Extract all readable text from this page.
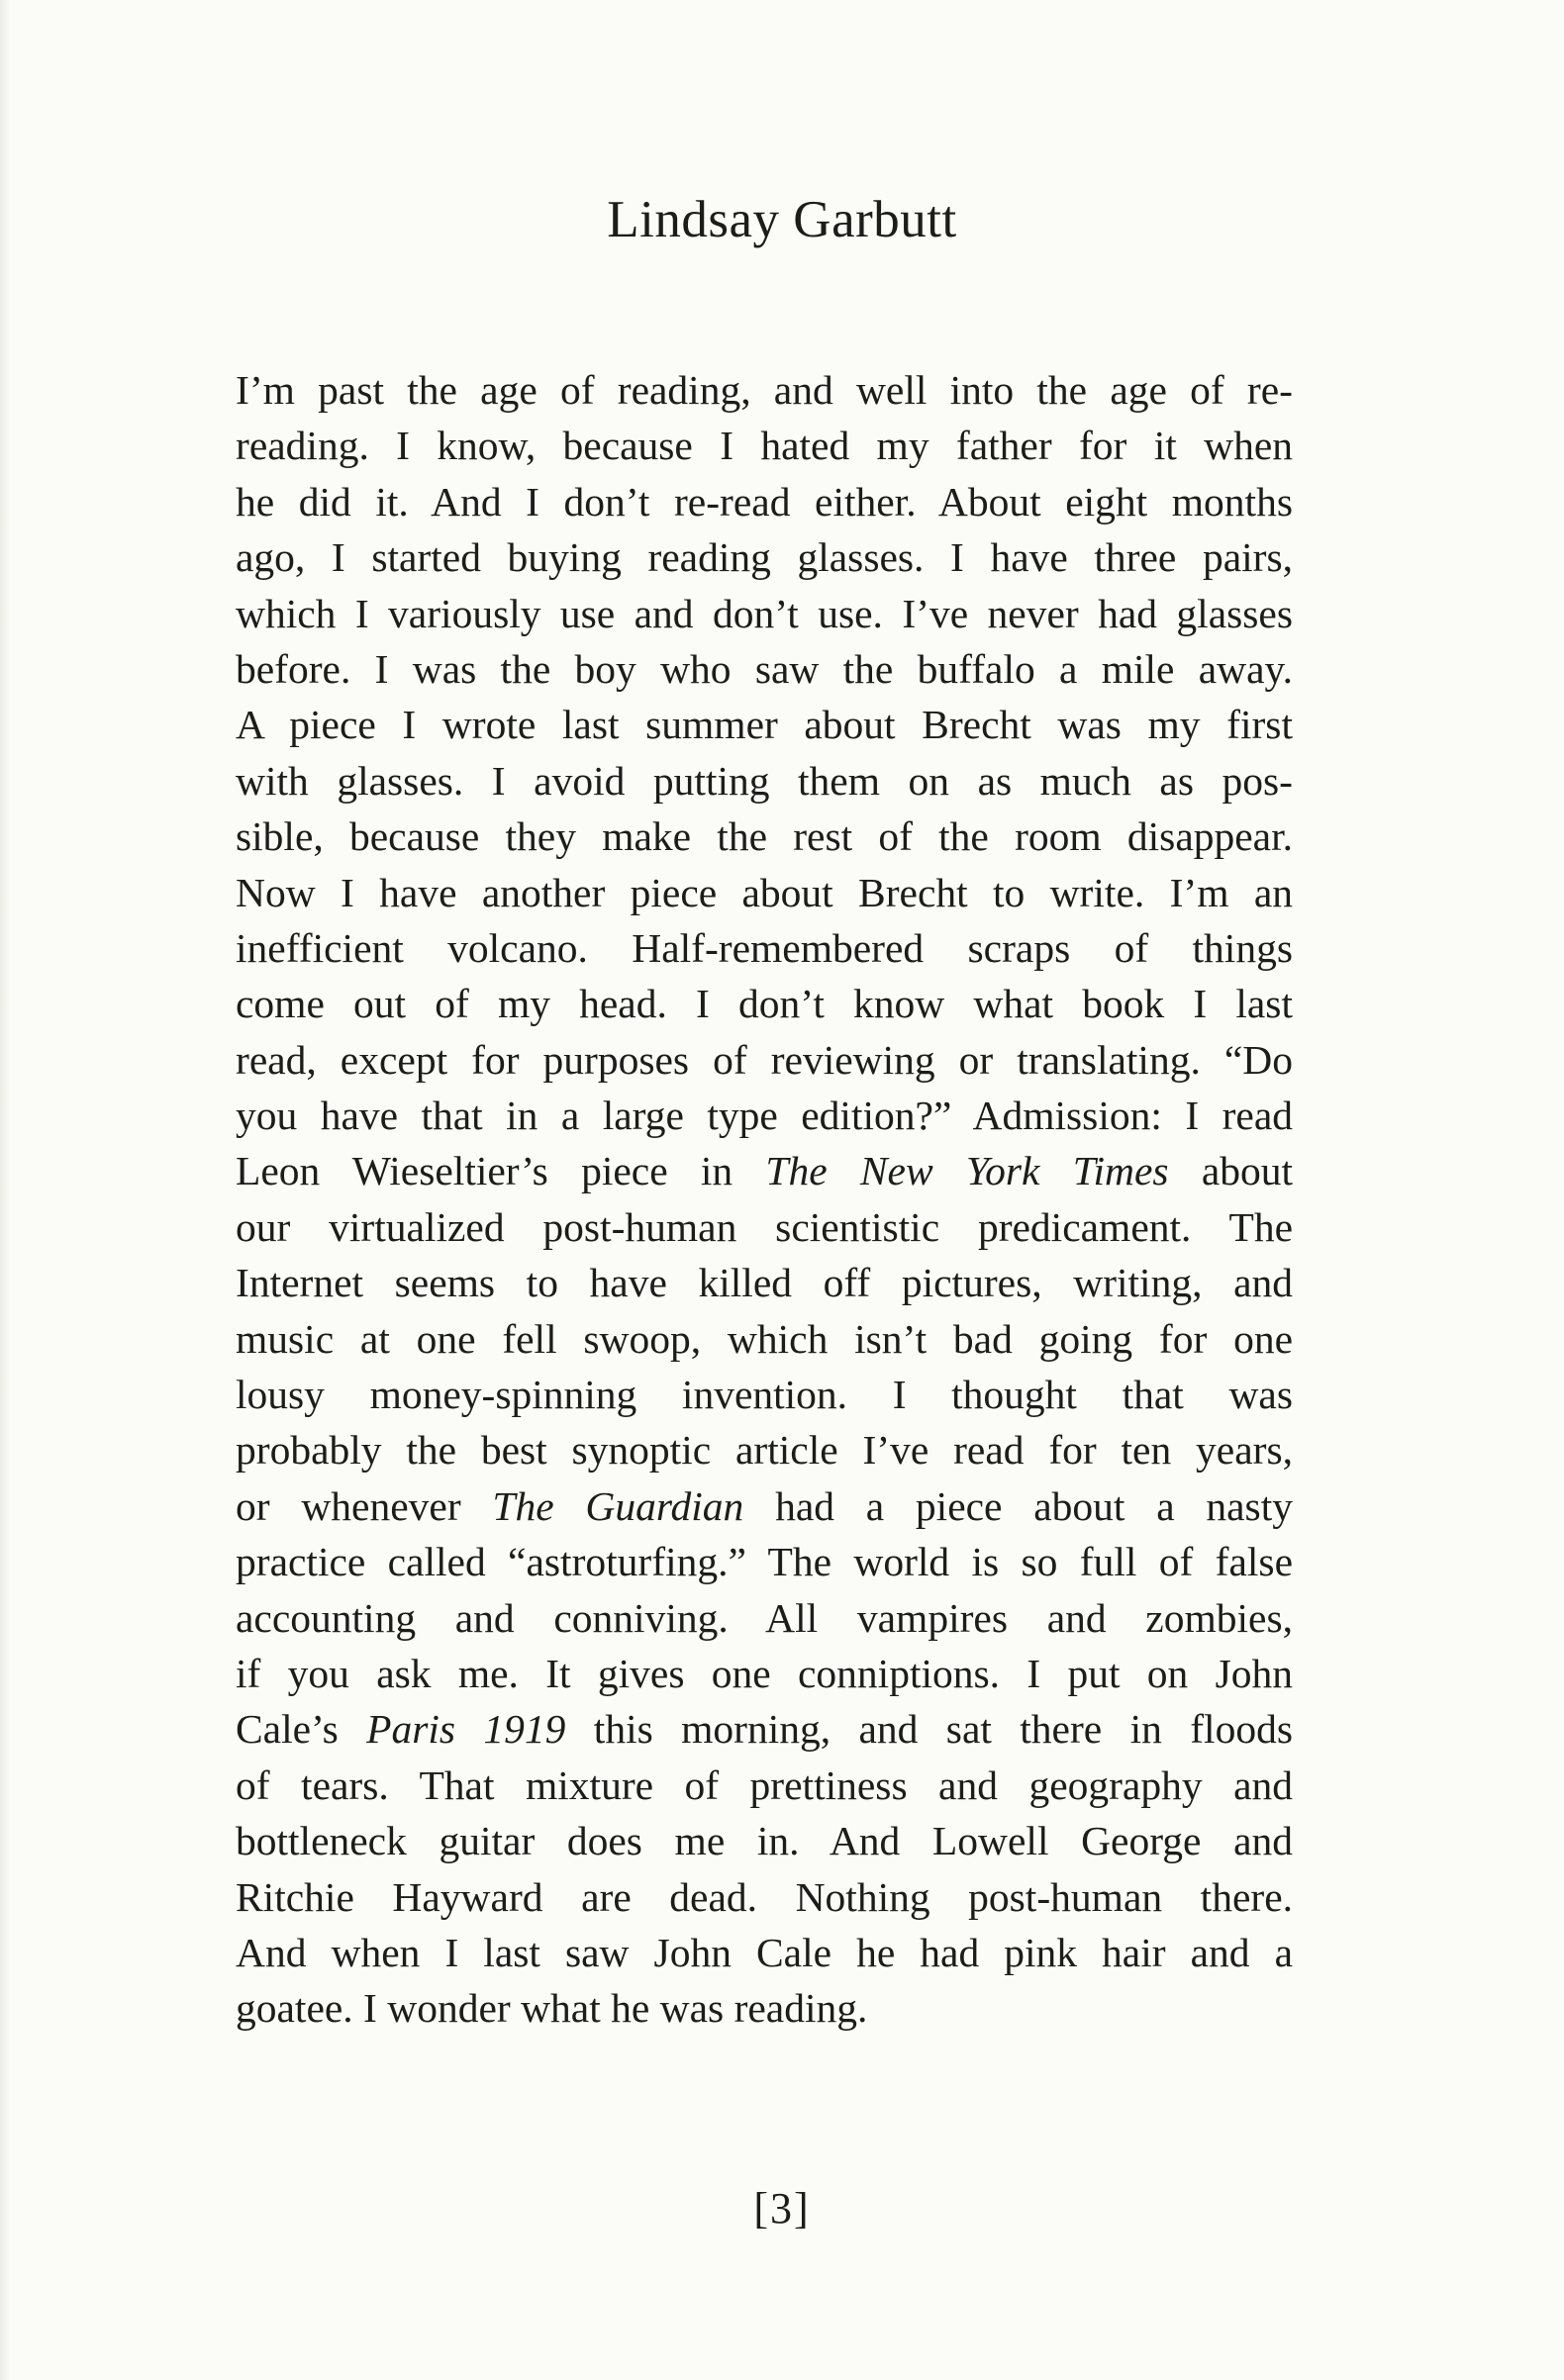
Lindsay Garbutt
I’m past the age of reading, and well into the age of re-
reading. I know, because I hated my father for it when
he did it. And I don’t re-read either. About eight months
ago, I started buying reading glasses. I have three pairs,
which I variously use and don’t use. I’ve never had glasses
before. I was the boy who saw the buffalo a mile away.
A piece I wrote last summer about Brecht was my first
with glasses. I avoid putting them on as much as pos-
sible, because they make the rest of the room disappear.
Now I have another piece about Brecht to write. I’m an
inefficient volcano. Half-remembered scraps of things
come out of my head. I don’t know what book I last
read, except for purposes of reviewing or translating. “Do
you have that in a large type edition?” Admission: I read
Leon Wieseltier’s piece in The New York Times about
our virtualized post-human scientistic predicament. The
Internet seems to have killed off pictures, writing, and
music at one fell swoop, which isn’t bad going for one
lousy money-spinning invention. I thought that was
probably the best synoptic article I’ve read for ten years,
or whenever The Guardian had a piece about a nasty
practice called “astroturfing.” The world is so full of false
accounting and conniving. All vampires and zombies,
if you ask me. It gives one conniptions. I put on John
Cale’s Paris 1919 this morning, and sat there in floods
of tears. That mixture of prettiness and geography and
bottleneck guitar does me in. And Lowell George and
Ritchie Hayward are dead. Nothing post-human there.
And when I last saw John Cale he had pink hair and a
goatee. I wonder what he was reading.
[3]
